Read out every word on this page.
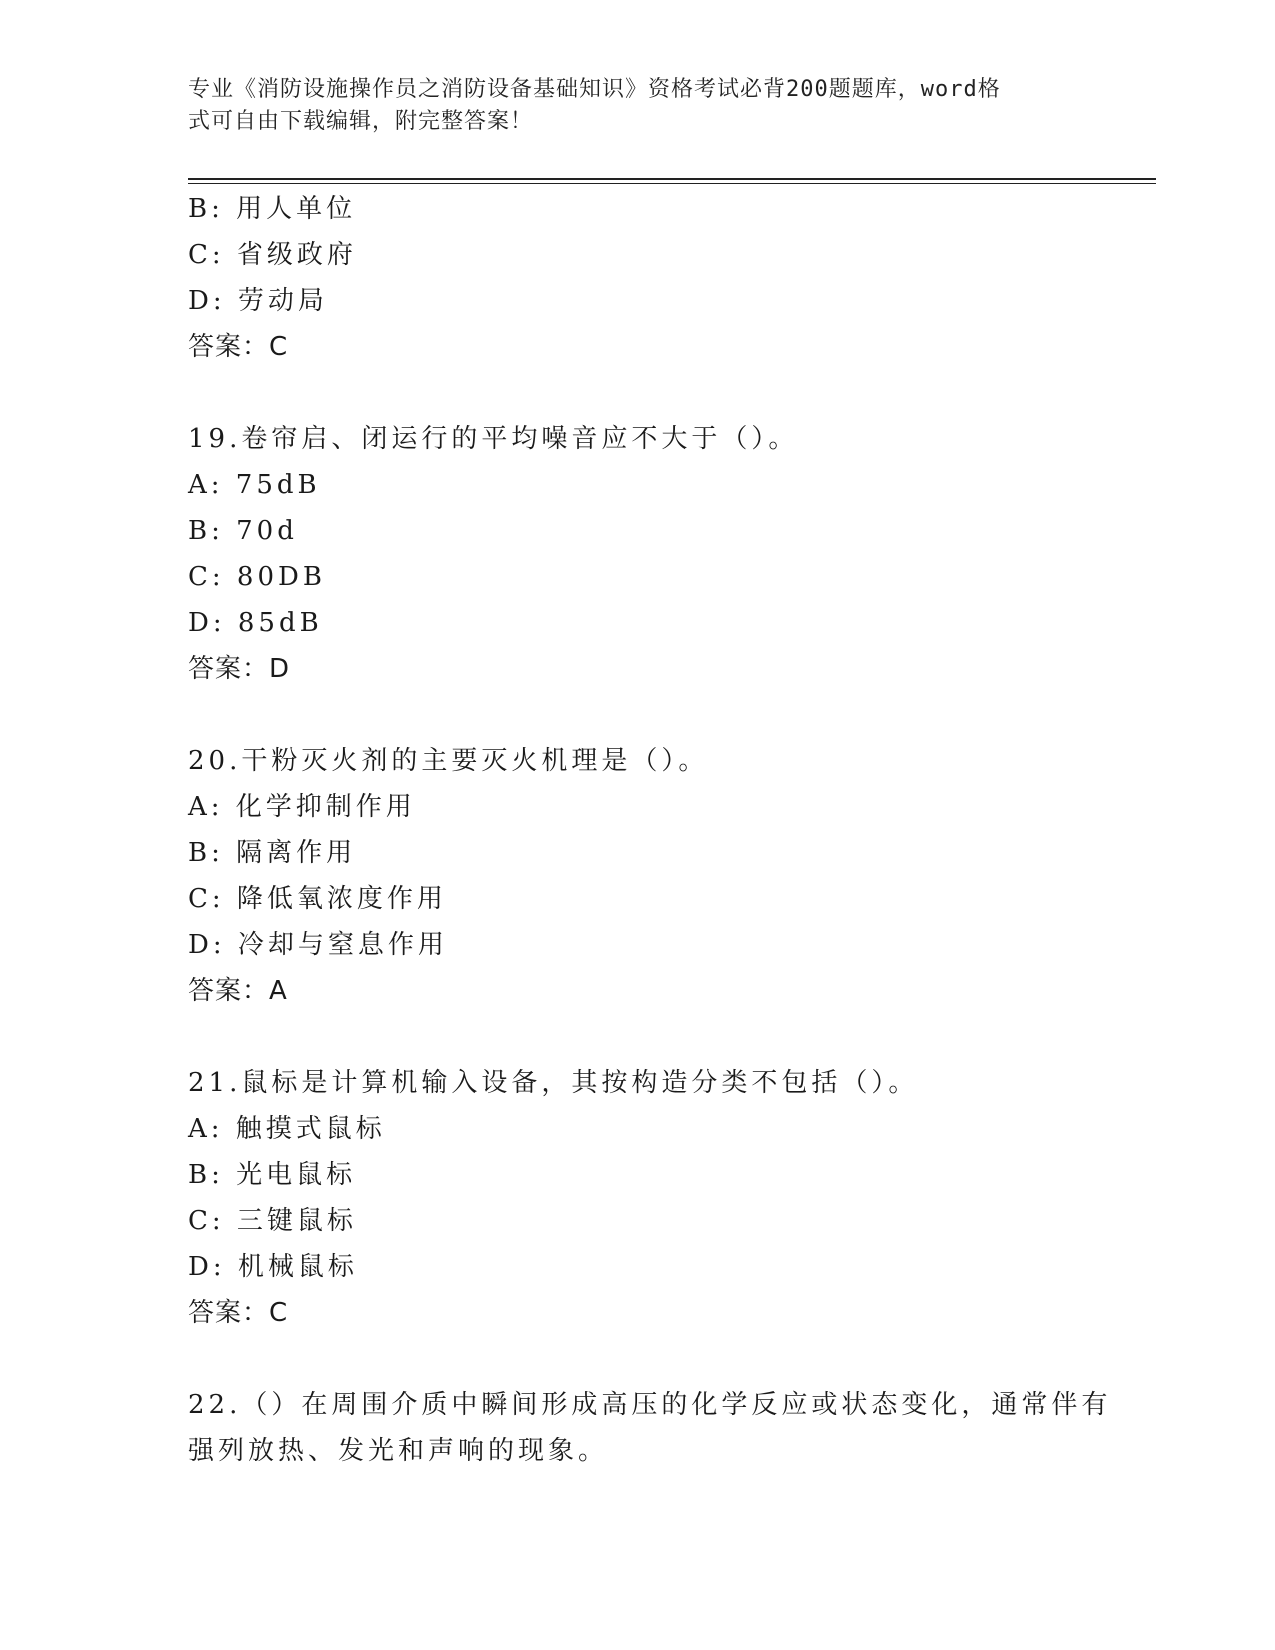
专业《消防设施操作员之消防设备基础知识》资格考试必背200题题库，word格
式可自由下载编辑，附完整答案！
B: 用人单位
C: 省级政府
D: 劳动局
答案：C
19.卷帘启、闭运行的平均噪音应不大于（）。
A: 75dB
B: 70d
C: 80DB
D: 85dB
答案：D
20.干粉灭火剂的主要灭火机理是（）。
A: 化学抑制作用
B: 隔离作用
C: 降低氧浓度作用
D: 冷却与窒息作用
答案：A
21.鼠标是计算机输入设备，其按构造分类不包括（）。
A: 触摸式鼠标
B: 光电鼠标
C: 三键鼠标
D: 机械鼠标
答案：C
22.（）在周围介质中瞬间形成高压的化学反应或状态变化，通常伴有
强列放热、发光和声响的现象。
